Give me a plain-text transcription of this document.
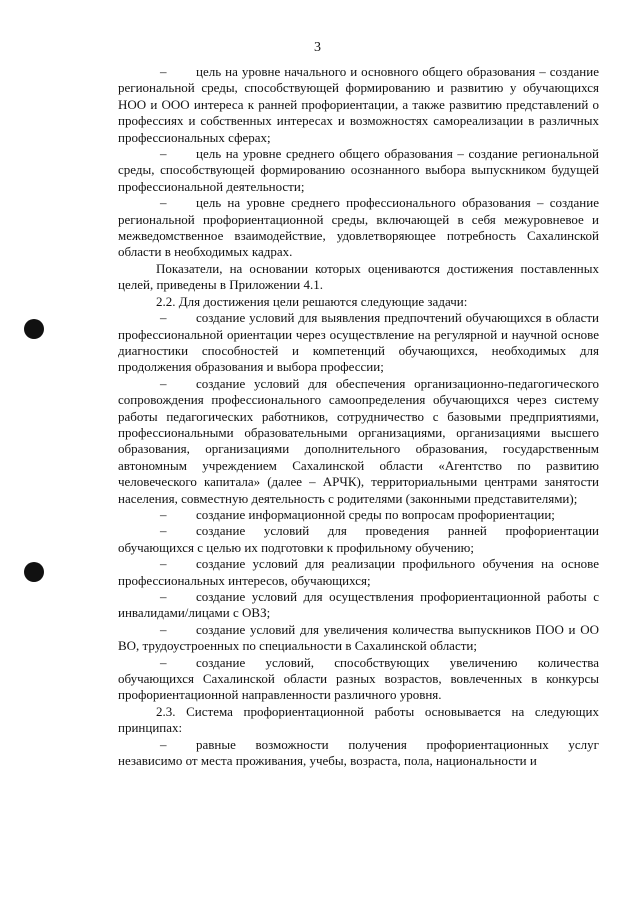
3

– цель на уровне начального и основного общего образования – создание региональной среды, способствующей формированию и развитию у обучающихся НОО и ООО интереса к ранней профориентации, а также развитию представлений о профессиях и собственных интересах и возможностях самореализации в различных профессиональных сферах;

– цель на уровне среднего общего образования – создание региональной среды, способствующей формированию осознанного выбора выпускником будущей профессиональной деятельности;

– цель на уровне среднего профессионального образования – создание региональной профориентационной среды, включающей в себя межуровневое и межведомственное взаимодействие, удовлетворяющее потребность Сахалинской области в необходимых кадрах.

Показатели, на основании которых оцениваются достижения поставленных целей, приведены в Приложении 4.1.

2.2. Для достижения цели решаются следующие задачи:

– создание условий для выявления предпочтений обучающихся в области профессиональной ориентации через осуществление на регулярной и научной основе диагностики способностей и компетенций обучающихся, необходимых для продолжения образования и выбора профессии;

– создание условий для обеспечения организационно-педагогического сопровождения профессионального самоопределения обучающихся через систему работы педагогических работников, сотрудничество с базовыми предприятиями, профессиональными образовательными организациями, организациями высшего образования, организациями дополнительного образования, государственным автономным учреждением Сахалинской области «Агентство по развитию человеческого капитала» (далее – АРЧК), территориальными центрами занятости населения, совместную деятельность с родителями (законными представителями);

– создание информационной среды по вопросам профориентации;

– создание условий для проведения ранней профориентации обучающихся с целью их подготовки к профильному обучению;

– создание условий для реализации профильного обучения на основе профессиональных интересов, обучающихся;

– создание условий для осуществления профориентационной работы с инвалидами/лицами с ОВЗ;

– создание условий для увеличения количества выпускников ПОО и ОО ВО, трудоустроенных по специальности в Сахалинской области;

– создание условий, способствующих увеличению количества обучающихся Сахалинской области разных возрастов, вовлеченных в конкурсы профориентационной направленности различного уровня.

2.3. Система профориентационной работы основывается на следующих принципах:

– равные возможности получения профориентационных услуг независимо от места проживания, учебы, возраста, пола, национальности и
